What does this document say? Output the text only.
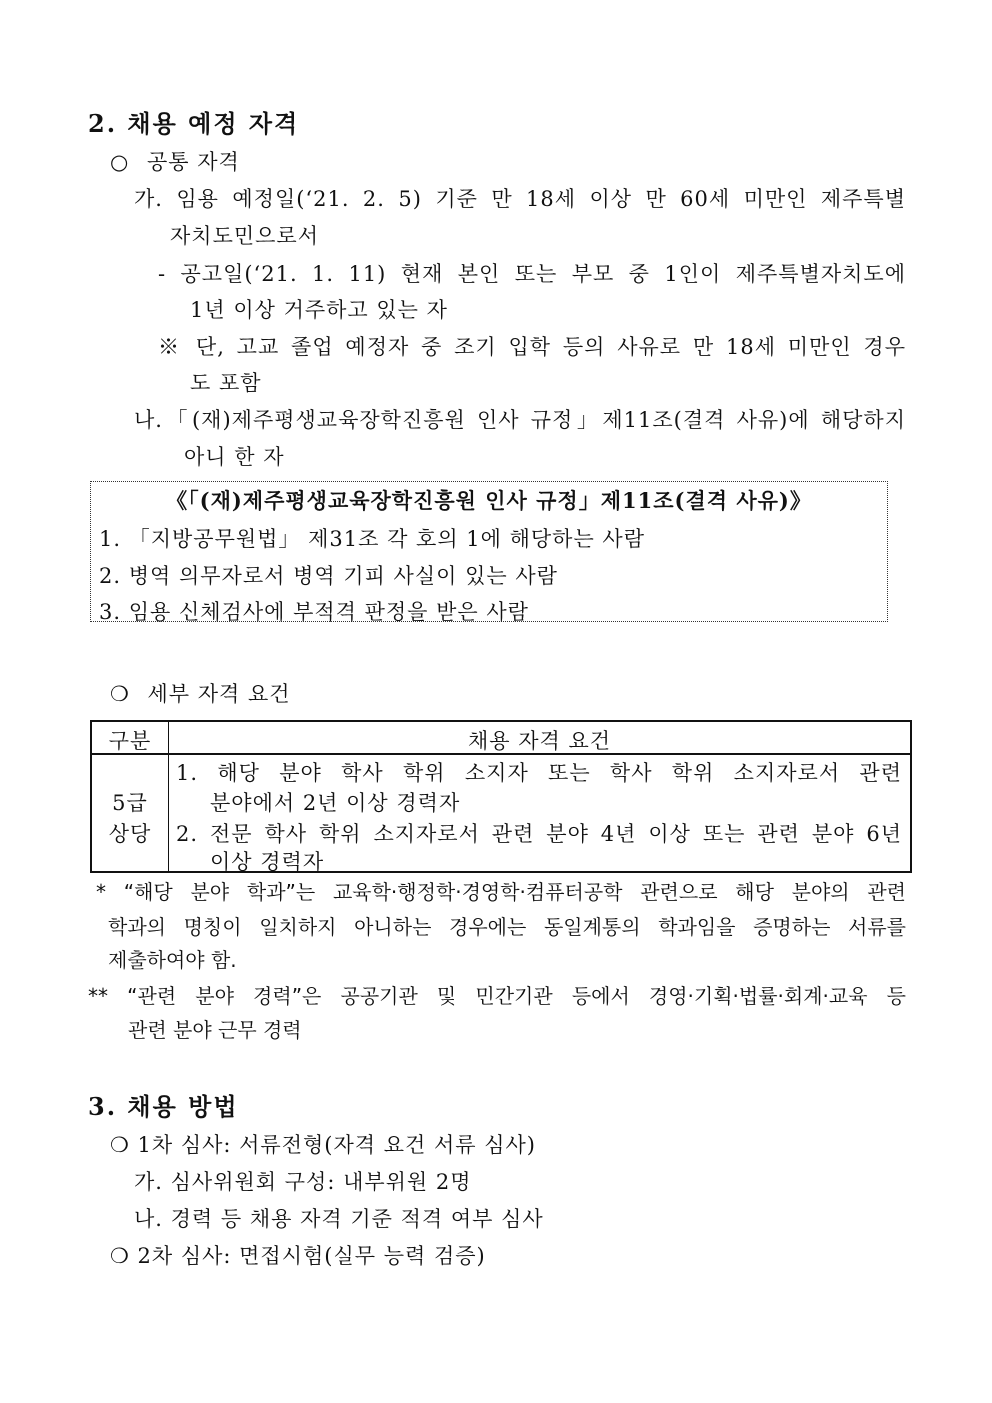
2. 채용 예정 자격
○ 공통 자격
가. 임용 예정일(‘21. 2. 5) 기준 만 18세 이상 만 60세 미만인 제주특별
자치도민으로서
- 공고일(‘21. 1. 11) 현재 본인 또는 부모 중 1인이 제주특별자치도에
1년 이상 거주하고 있는 자
※ 단, 고교 졸업 예정자 중 조기 입학 등의 사유로 만 18세 미만인 경우
도 포함
나.「(재)제주평생교육장학진흥원 인사 규정」제11조(결격 사유)에 해당하지
아니 한 자
《「(재)제주평생교육장학진흥원 인사 규정」제11조(결격 사유)》
1. 「지방공무원법」 제31조 각 호의 1에 해당하는 사람
2. 병역 의무자로서 병역 기피 사실이 있는 사람
3. 임용 신체검사에 부적격 판정을 받은 사람
❍ 세부 자격 요건
구분	채용 자격 요건
5급
상당
1. 해당 분야 학사 학위 소지자 또는 학사 학위 소지자로서 관련
분야에서 2년 이상 경력자
2. 전문 학사 학위 소지자로서 관련 분야 4년 이상 또는 관련 분야 6년
이상 경력자
* “해당 분야 학과”는 교육학·행정학·경영학·컴퓨터공학 관련으로 해당 분야의 관련
학과의 명칭이 일치하지 아니하는 경우에는 동일계통의 학과임을 증명하는 서류를
제출하여야 함.
** “관련 분야 경력”은 공공기관 및 민간기관 등에서 경영·기획·법률·회계·교육 등
관련 분야 근무 경력
3. 채용 방법
❍ 1차 심사: 서류전형(자격 요건 서류 심사)
가. 심사위원회 구성: 내부위원 2명
나. 경력 등 채용 자격 기준 적격 여부 심사
❍ 2차 심사: 면접시험(실무 능력 검증)
